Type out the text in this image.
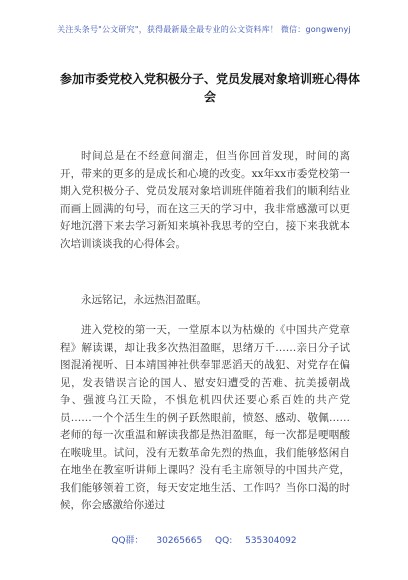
关注头条号"公文研究"，获得最新最全最专业的公文资料库！ 微信：gongwenyj
参加市委党校入党积极分子、党员发展对象培训班心得体会
时间总是在不经意间溜走，但当你回首发现，时间的离开，带来的更多的是成长和心境的改变。xx年xx市委党校第一期入党积极分子、党员发展对象培训班伴随着我们的顺利结业而画上圆满的句号，而在这三天的学习中，我非常感激可以更好地沉潜下来去学习新知来填补我思考的空白，接下来我就本次培训谈谈我的心得体会。
永远铭记，永远热泪盈眶。
进入党校的第一天，一堂原本以为枯燥的《中国共产党章程》解读课，却让我多次热泪盈眶，思绪万千……亲日分子试图混淆视听、日本靖国神社供奉罪恶滔天的战犯、对党存在偏见，发表错误言论的国人、慰安妇遭受的苦难、抗美援朝战争、强渡乌江天险，不惧危机四伏还要心系百姓的共产党员……一个个活生生的例子跃然眼前，愤怒、感动、敬佩……老师的每一次重温和解读我都是热泪盈眶，每一次都是哽咽酸在喉咙里。试问，没有无数革命先烈的热血，我们能够悠闲自在地坐在教室听讲师上课吗？没有毛主席领导的中国共产党，我们能够领着工资，每天安定地生活、工作吗？当你口渴的时候，你会感激给你递过
QQ群： 30265665 QQ: 535304092
